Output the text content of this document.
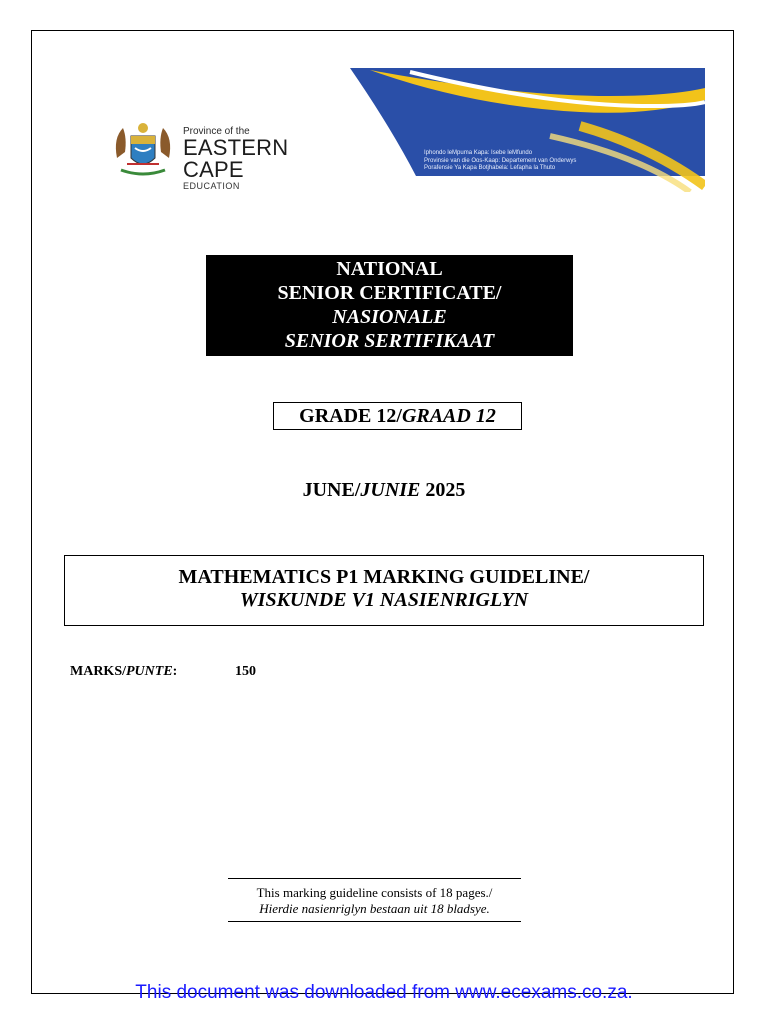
Province of the
EASTERN CAPE
EDUCATION
Iphondo leMpuma Kapa: Isebe leMfundo
Provinsie van die Oos-Kaap: Departement van Onderwys
Porafensie Ya Kapa Botjhabela: Lefapha la Thuto
NATIONAL
SENIOR CERTIFICATE/
NASIONALE
SENIOR SERTIFIKAAT
GRADE 12/GRAAD 12
JUNE/JUNIE 2025
MATHEMATICS P1 MARKING GUIDELINE/
WISKUNDE V1 NASIENRIGLYN
MARKS/PUNTE:	150
This marking guideline consists of 18 pages./
Hierdie nasienriglyn bestaan uit 18 bladsye.
This document was downloaded from www.ecexams.co.za.
